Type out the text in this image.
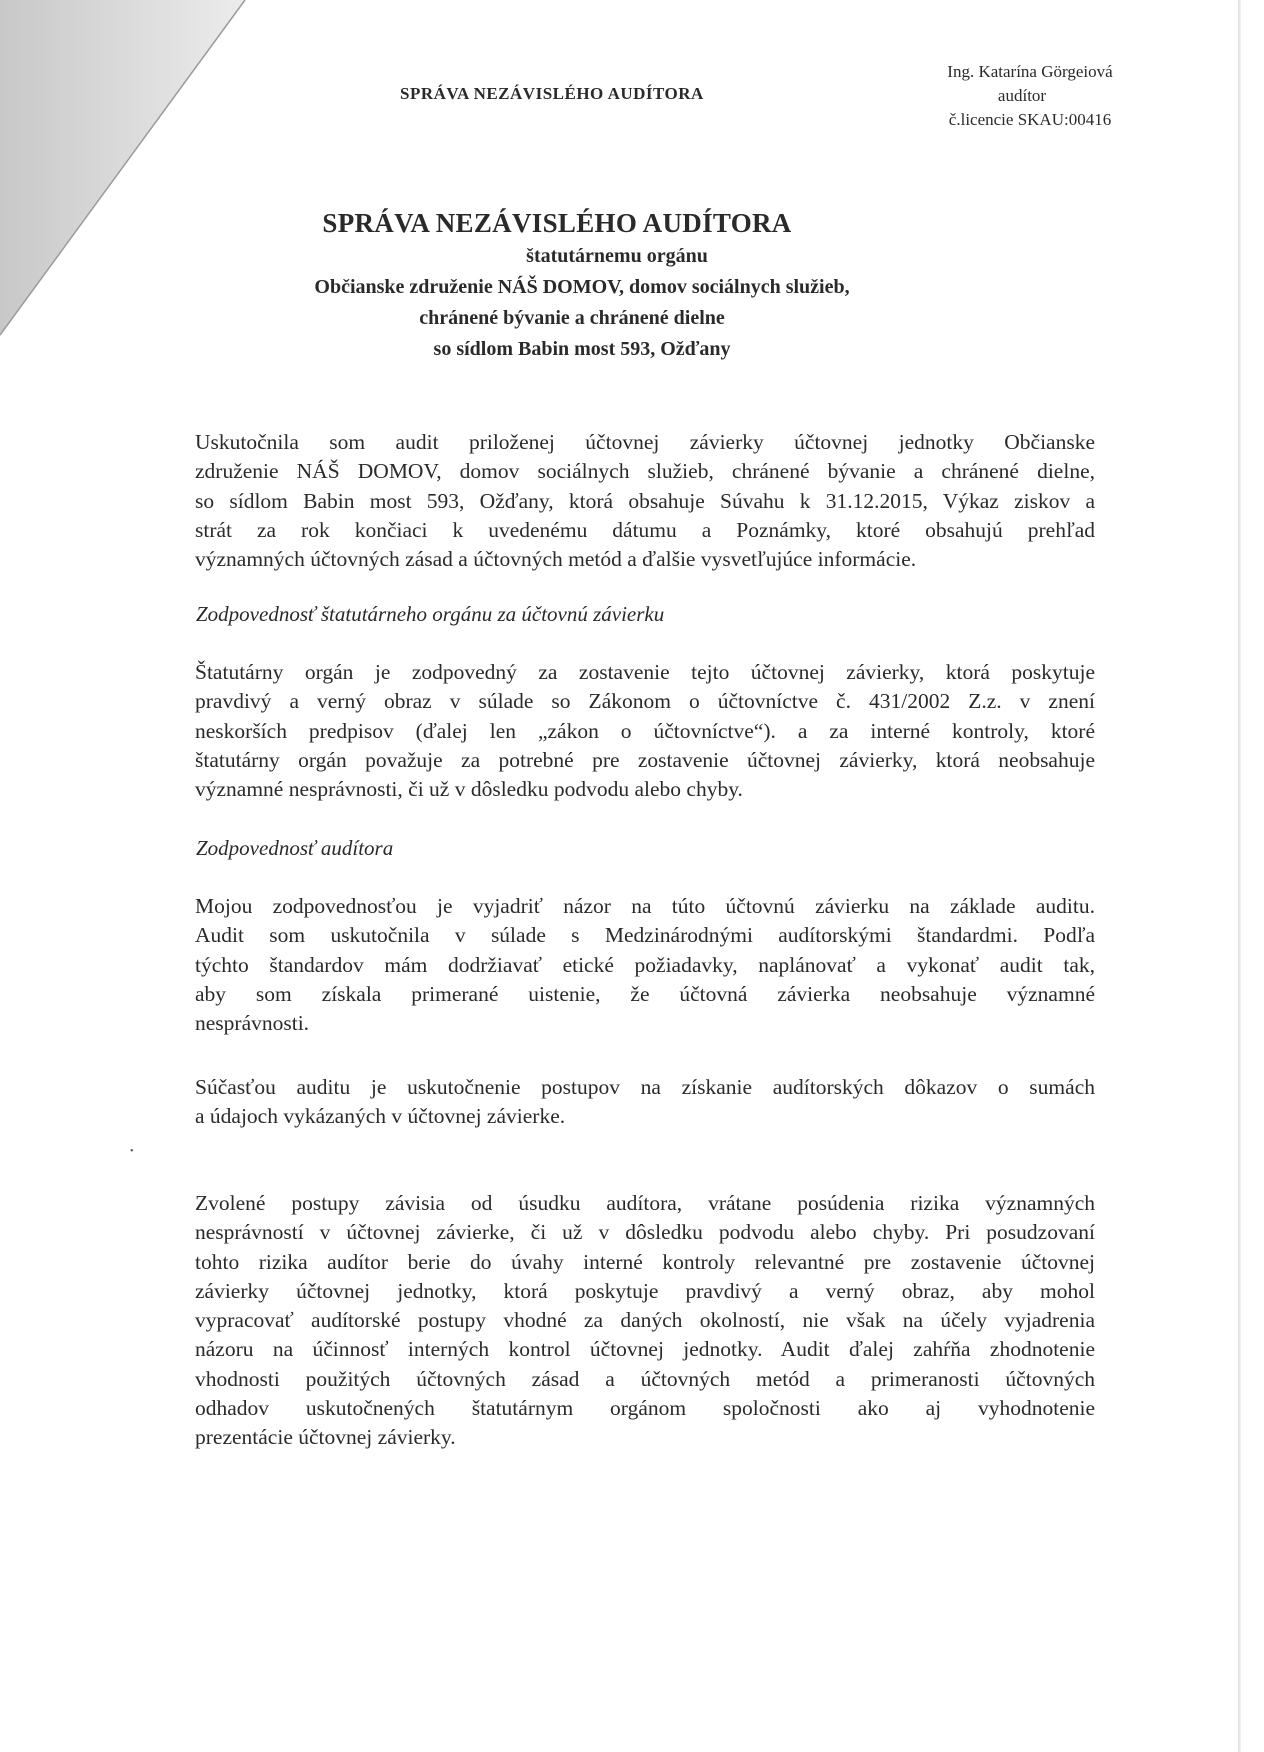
SPRÁVA NEZÁVISLÉHO AUDÍTORA
Ing. Katarína Görgeiová
audítor
č.licencie SKAU:00416
SPRÁVA NEZÁVISLÉHO AUDÍTORA
štatutárnemu orgánu
Občianske združenie NÁŠ DOMOV, domov sociálnych služieb,
chránené bývanie a chránené dielne
so sídlom Babin most 593, Ožďany
Uskutočnila som audit priloženej účtovnej závierky účtovnej jednotky Občianske
združenie NÁŠ DOMOV, domov sociálnych služieb, chránené bývanie a chránené dielne,
so sídlom Babin most 593, Ožďany, ktorá obsahuje Súvahu k 31.12.2015, Výkaz ziskov a
strát za rok končiaci k uvedenému dátumu a Poznámky, ktoré obsahujú prehľad
významných účtovných zásad a účtovných metód a ďalšie vysvetľujúce informácie.
Zodpovednosť štatutárneho orgánu za účtovnú závierku
Štatutárny orgán je zodpovedný za zostavenie tejto účtovnej závierky, ktorá poskytuje
pravdivý a verný obraz v súlade so Zákonom o účtovníctve č. 431/2002 Z.z. v znení
neskorších predpisov (ďalej len „zákon o účtovníctve“). a za interné kontroly, ktoré
štatutárny orgán považuje za potrebné pre zostavenie účtovnej závierky, ktorá neobsahuje
významné nesprávnosti, či už v dôsledku podvodu alebo chyby.
Zodpovednosť audítora
Mojou zodpovednosťou je vyjadriť názor na túto účtovnú závierku na základe auditu.
Audit som uskutočnila v súlade s Medzinárodnými audítorskými štandardmi. Podľa
týchto štandardov mám dodržiavať etické požiadavky, naplánovať a vykonať audit tak,
aby som získala primerané uistenie, že účtovná závierka neobsahuje významné
nesprávnosti.
Súčasťou auditu je uskutočnenie postupov na získanie audítorských dôkazov o sumách
a údajoch vykázaných v účtovnej závierke.
•
Zvolené postupy závisia od úsudku audítora, vrátane posúdenia rizika významných
nesprávností v účtovnej závierke, či už v dôsledku podvodu alebo chyby. Pri posudzovaní
tohto rizika audítor berie do úvahy interné kontroly relevantné pre zostavenie účtovnej
závierky účtovnej jednotky, ktorá poskytuje pravdivý a verný obraz, aby mohol
vypracovať audítorské postupy vhodné za daných okolností, nie však na účely vyjadrenia
názoru na účinnosť interných kontrol účtovnej jednotky. Audit ďalej zahŕňa zhodnotenie
vhodnosti použitých účtovných zásad a účtovných metód a primeranosti účtovných
odhadov uskutočnených štatutárnym orgánom spoločnosti ako aj vyhodnotenie
prezentácie účtovnej závierky.
